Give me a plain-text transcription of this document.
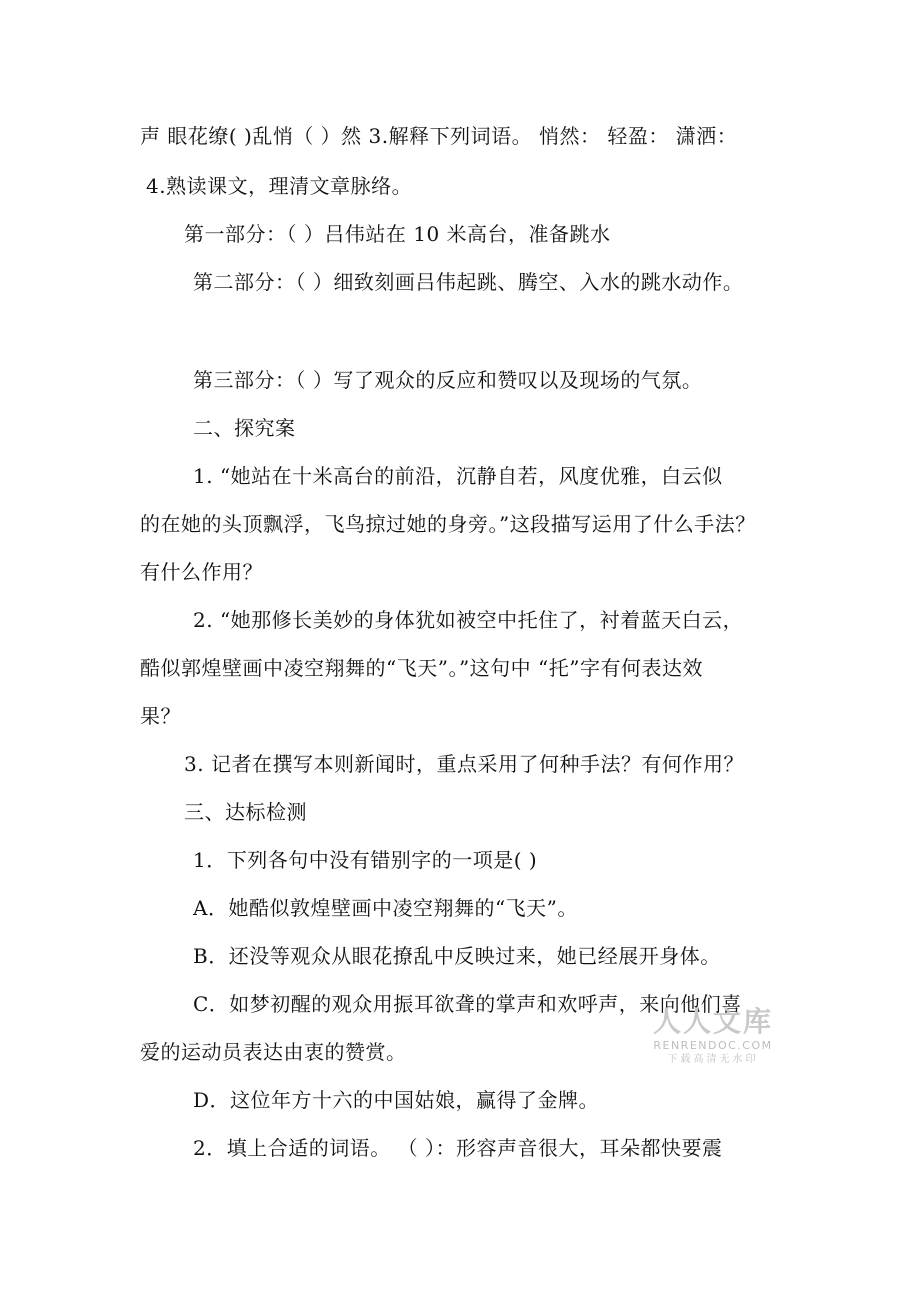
声 眼花缭( )乱悄（ ）然 3.解释下列词语。 悄然： 轻盈： 潇洒：
4.熟读课文，理清文章脉络。
第一部分：（ ）吕伟站在 10 米高台，准备跳水
第二部分：（ ）细致刻画吕伟起跳、腾空、入水的跳水动作。
第三部分：（ ）写了观众的反应和赞叹以及现场的气氛。
二、探究案
1. “她站在十米高台的前沿，沉静自若，风度优雅，白云似
的在她的头顶飘浮，飞鸟掠过她的身旁。”这段描写运用了什么手法？
有什么作用？
2. “她那修长美妙的身体犹如被空中托住了，衬着蓝天白云，
酷似郭煌壁画中凌空翔舞的“飞天”。”这句中 “托”字有何表达效
果？
3. 记者在撰写本则新闻时，重点采用了何种手法？有何作用？
三、达标检测
1．下列各句中没有错别字的一项是( )
A．她酷似敦煌壁画中凌空翔舞的“飞天”。
B．还没等观众从眼花撩乱中反映过来，她已经展开身体。
C．如梦初醒的观众用振耳欲聋的掌声和欢呼声，来向他们喜
爱的运动员表达由衷的赞赏。
D．这位年方十六的中国姑娘，赢得了金牌。
2．填上合适的词语。 （ ）：形容声音很大，耳朵都快要震
人人文库
RENRENDOC.COM
下载高清无水印
